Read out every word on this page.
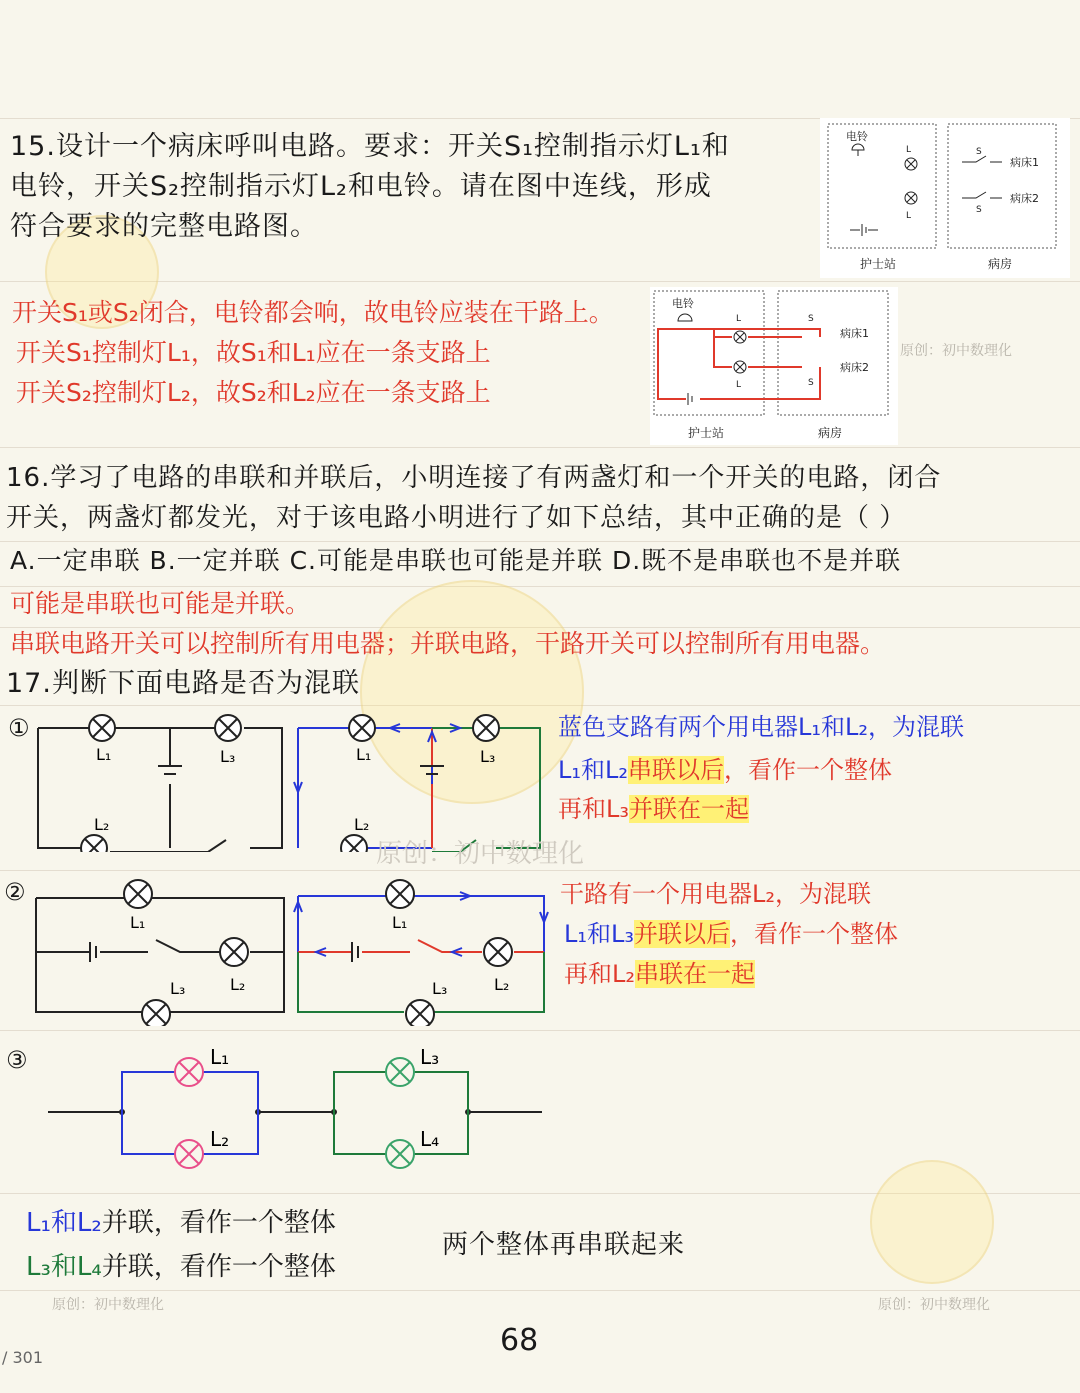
15.设计一个病床呼叫电路。要求：开关S₁控制指示灯L₁和
电铃，开关S₂控制指示灯L₂和电铃。请在图中连线，形成
符合要求的完整电路图。
电铃
L
L
S
病床1
S
病床2
护士站	病房
开关S₁或S₂闭合，电铃都会响，故电铃应装在干路上。
开关S₁控制灯L₁，故S₁和L₁应在一条支路上
开关S₂控制灯L₂，故S₂和L₂应在一条支路上
电铃
L
L
S
病床1
病床2
S
护士站	病房
原创：初中数理化
16.学习了电路的串联和并联后，小明连接了有两盏灯和一个开关的电路，闭合
开关，两盏灯都发光，对于该电路小明进行了如下总结，其中正确的是（ ）
A.一定串联 B.一定并联 C.可能是串联也可能是并联 D.既不是串联也不是并联
可能是串联也可能是并联。
串联电路开关可以控制所有用电器；并联电路，干路开关可以控制所有用电器。
17.判断下面电路是否为混联
①
L₁	L₃
L₂
L₁	L₃
L₂
原创：初中数理化
蓝色支路有两个用电器L₁和L₂，为混联
L₁和L₂串联以后，看作一个整体
再和L₃并联在一起
②
L₁
L₂
L₃
L₁
L₂
L₃
干路有一个用电器L₂，为混联
L₁和L₃并联以后，看作一个整体
再和L₂串联在一起
③	L₁
L₂
L₃
L₄
L₁和L₂并联，看作一个整体
L₃和L₄并联，看作一个整体
两个整体再串联起来
原创：初中数理化	原创：初中数理化
68
/ 301
